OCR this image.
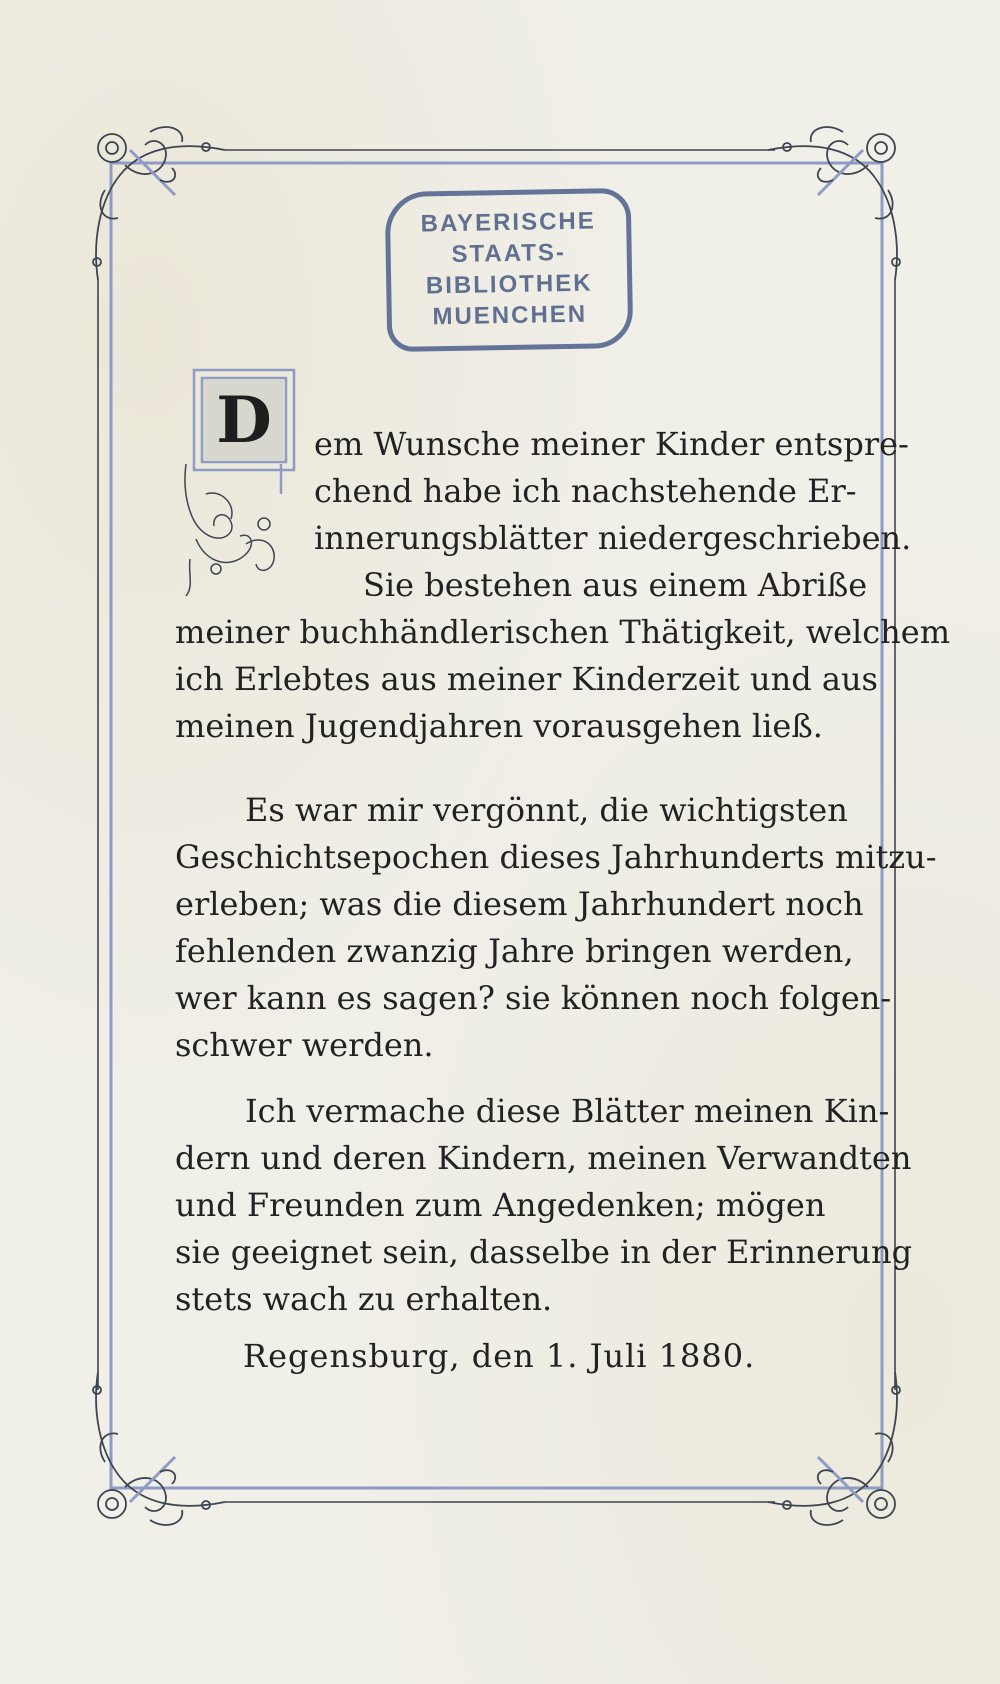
BAYERISCHE
STAATS-
BIBLIOTHEK
MUENCHEN
D em Wunsche meiner Kinder entspre-
chend habe ich nachstehende Er-
innerungsblätter niedergeschrieben.
Sie bestehen aus einem Abriße
meiner buchhändlerischen Thätigkeit, welchem
ich Erlebtes aus meiner Kinderzeit und aus
meinen Jugendjahren vorausgehen ließ.
Es war mir vergönnt, die wichtigsten
Geschichtsepochen dieses Jahrhunderts mitzu-
erleben; was die diesem Jahrhundert noch
fehlenden zwanzig Jahre bringen werden,
wer kann es sagen? sie können noch folgen-
schwer werden.
Ich vermache diese Blätter meinen Kin-
dern und deren Kindern, meinen Verwandten
und Freunden zum Angedenken; mögen
sie geeignet sein, dasselbe in der Erinnerung
stets wach zu erhalten.
Regensburg, den 1. Juli 1880.
